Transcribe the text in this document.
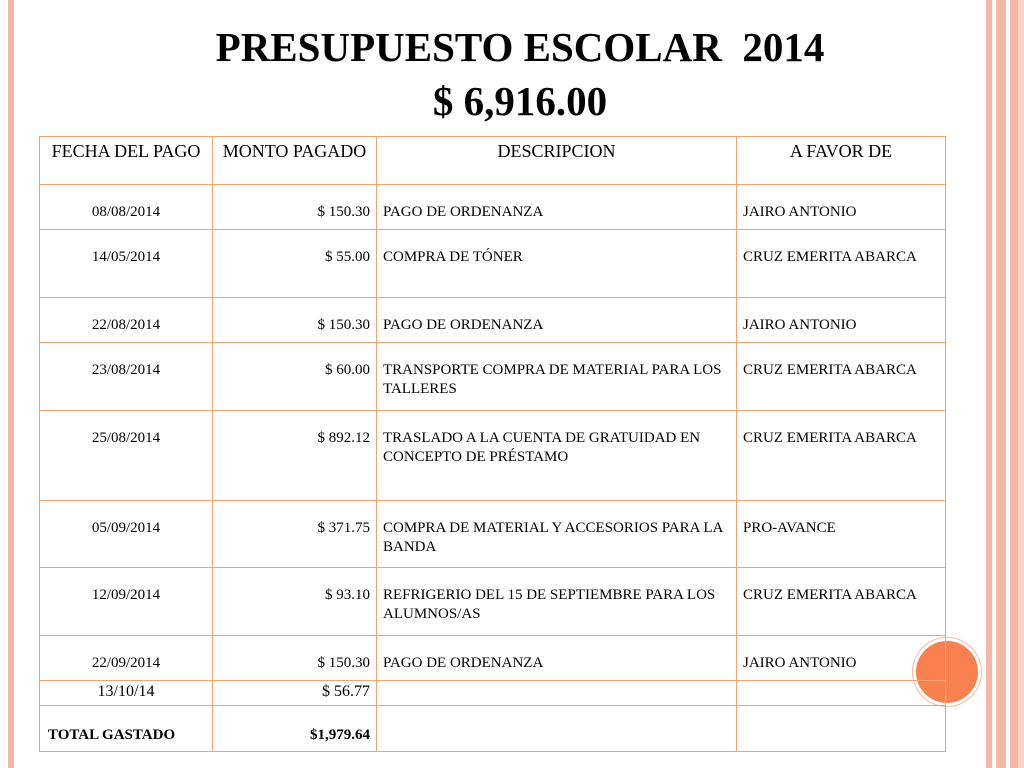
PRESUPUESTO ESCOLAR  2014
$ 6,916.00
FECHA DEL PAGO	MONTO PAGADO	DESCRIPCION	A FAVOR DE
08/08/2014	$ 150.30	PAGO DE ORDENANZA	JAIRO ANTONIO
14/05/2014	$ 55.00	COMPRA DE TÓNER	CRUZ EMERITA ABARCA
22/08/2014	$ 150.30	PAGO DE ORDENANZA	JAIRO ANTONIO
23/08/2014	$ 60.00	TRANSPORTE COMPRA DE MATERIAL PARA LOS TALLERES	CRUZ EMERITA ABARCA
25/08/2014	$ 892.12	TRASLADO A LA CUENTA DE GRATUIDAD EN CONCEPTO DE PRÉSTAMO	CRUZ EMERITA ABARCA
05/09/2014	$ 371.75	COMPRA DE MATERIAL Y ACCESORIOS PARA LA BANDA	PRO-AVANCE
12/09/2014	$ 93.10	REFRIGERIO DEL 15 DE SEPTIEMBRE PARA LOS ALUMNOS/AS	CRUZ EMERITA ABARCA
22/09/2014	$ 150.30	PAGO DE ORDENANZA	JAIRO ANTONIO
13/10/14	$ 56.77		
TOTAL GASTADO	$1,979.64		
